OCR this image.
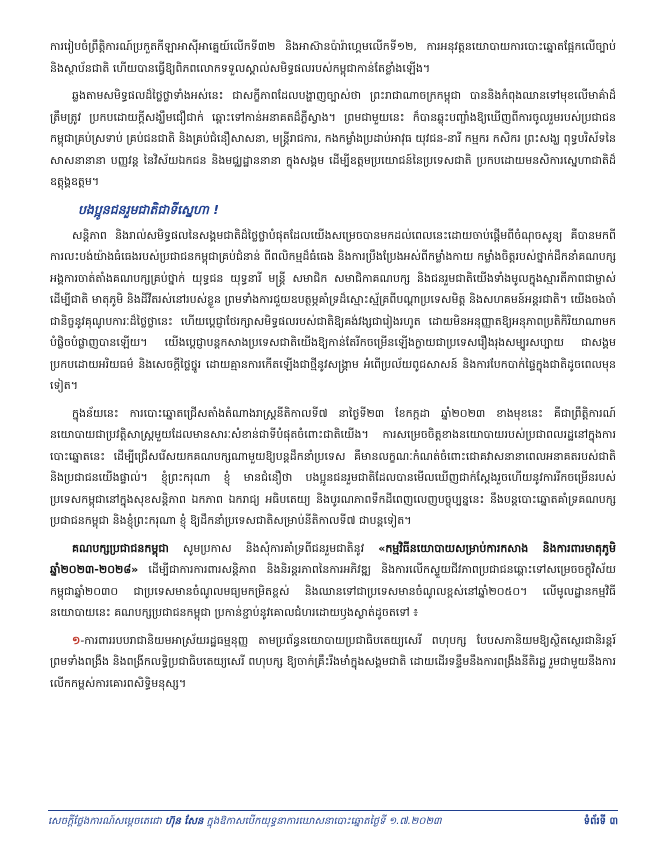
ការរៀបចំព្រឹត្តិការណ៍ប្រកួតកីឡាអាស៊ីអាគ្នេយ៍លើកទី៣២ និងអាស៊ានប៉ារ៉ាហ្គេមលើកទី១២, ការអនុវត្តនយោបាយការបោះឆ្នោតផ្អែកលើច្បាប់ និងស្ថាប័នជាតិ ហើយបានធ្វើឱ្យពិភពលោកទទួលស្គាល់សមិទ្ធផលរបស់កម្ពុជាកាន់តែខ្លាំងឡើង។

ឆ្លងតាមសមិទ្ធផលដ៏ថ្លៃថ្លាទាំងអស់នេះ ជាសក្ខីភាពដែលបង្ហាញច្បាស់ថា ព្រះរាជាណាចក្រកម្ពុជា បាននិងកំពុងឈានទៅមុខលើមាគ៌ាដ៏ត្រឹមត្រូវ ប្រកបដោយក្តីសង្ឃឹមជឿជាក់ ឆ្ពោះទៅកាន់អនាគតដ៏ភ្លឺស្វាង។ ព្រមជាមួយនេះ ក៏បានឆ្លុះបញ្ចាំងឱ្យឃើញពីការចូលរួមរបស់ប្រជាជនកម្ពុជាគ្រប់ស្រទាប់ គ្រប់ជនជាតិ និងគ្រប់ជំនឿសាសនា, មន្ត្រីរាជការ, កងកម្លាំងប្រដាប់អាវុធ យុវជន-នារី កម្មករ កសិករ ព្រះសង្ឃ ពុទ្ធបរិស័ទនៃសាសនានានា បញ្ញវន្ត នៃវិស័យឯកជន និងមជ្ឈដ្ឋាននានា ក្នុងសង្គម ដើម្បីឧត្តមប្រយោជន៍នៃប្រទេសជាតិ ប្រកបដោយមនសិការស្នេហាជាតិដ៏ឧត្តុង្គឧត្តម។

បងប្អូនជនរួមជាតិជាទីស្នេហា !

សន្តិភាព និងរាល់សមិទ្ធផលនៃសង្គមជាតិដ៏ថ្លៃថ្លាបំផុតដែលយើងសម្រេចបានមកដល់ពេលនេះដោយចាប់ផ្តើមពីចំណុចសូន្យ គឺបានមកពីការលះបង់យ៉ាងធំធេងរបស់ប្រជាជនកម្ពុជាគ្រប់ជំនាន់ ពីពលិកម្មដ៏ធំធេង និងការប្រឹងប្រែងអស់ពីកម្លាំងកាយ កម្លាំងចិត្តរបស់ថ្នាក់ដឹកនាំគណបក្ស អង្គការចាត់តាំងគណបក្សគ្រប់ថ្នាក់ យុទ្ធជន យុទ្ធនារី មន្ត្រី សមាជិក សមាជិកាគណបក្ស និងជនរួមជាតិយើងទាំងមូលក្នុងស្មារតីភាពជាម្ចាស់ដើម្បីជាតិ មាតុភូមិ និងដីវីតរស់នៅរបស់ខ្លួន ព្រមទាំងការជួយឧបត្ថម្ភគាំទ្រដ៏ស្មោះស្ម័គ្រពីបណ្តាប្រទេសមិត្ត និងសហគមន៍អន្តរជាតិ។ យើងចងចាំជានិច្ចនូវគុណូបការៈដ៏ថ្លៃថ្លានេះ ហើយប្តេជ្ញាថែរក្សាសមិទ្ធផលរបស់ជាតិឱ្យគង់វង្សជារៀងរហូត ដោយមិនអនុញ្ញាតឱ្យអនុភាពប្រតិកិរិយាណាមកបំផ្លិចបំផ្លាញបានឡើយ។ យើងប្តេជ្ញាបន្តកសាងប្រទេសជាតិយើងឱ្យកាន់តែរីកចម្រើនឡើងក្លាយជាប្រទេសរឿងរុងសម្បូរសប្បាយ ជាសង្គមប្រកបដោយអរិយធម៌ និងសេចក្តីថ្លៃថ្នូរ ដោយគ្មានការកើតឡើងជាថ្មីនូវសង្គ្រាម អំពើប្រល័យពូជសាសន៍ និងការបែកបាក់ផ្ទៃក្នុងជាតិដូចពេលមុនទៀត។

ក្នុងន័យនេះ ការបោះឆ្នោតជ្រើសតាំងតំណាងរាស្ត្រនីតិកាលទី៧ នាថ្ងៃទី២៣ ខែកក្កដា ឆ្នាំ២០២៣ ខាងមុខនេះ គឺជាព្រឹត្តិការណ៍នយោបាយជាប្រវត្តិសាស្ត្រមួយដែលមានសារៈសំខាន់ជាទីបំផុតចំពោះជាតិយើង។ ការសម្រេចចិត្តខាងនយោបាយរបស់ប្រជាពលរដ្ឋនៅក្នុងការបោះឆ្នោតនេះ ដើម្បីជ្រើសរើសយកគណបក្សណាមួយឱ្យបន្តដឹកនាំប្រទេស គឺមានលក្ខណៈកំណត់ចំពោះជោគវាសនានាពេលអនាគតរបស់ជាតិ និងប្រជាជនយើងផ្ទាល់។ ខ្ញុំព្រះករុណា ខ្ញុំ មានជំនឿថា បងប្អូនជនរួមជាតិដែលបានមើលឃើញជាក់ស្តែងរួចហើយនូវការរីកចម្រើនរបស់ប្រទេសកម្ពុជានៅក្នុងសុខសន្តិភាព ឯកភាព ឯករាជ្យ អធិបតេយ្យ និងបូរណភាពទឹកដីពេញលេញបច្ចុប្បន្ននេះ នឹងបន្តបោះឆ្នោតគាំទ្រគណបក្សប្រជាជនកម្ពុជា និងខ្ញុំព្រះករុណា ខ្ញុំ ឱ្យដឹកនាំប្រទេសជាតិសម្រាប់នីតិកាលទី៧ ជាបន្តទៀត។

គណបក្សប្រជាជនកម្ពុជា សូមប្រកាស និងសុំការគាំទ្រពីជនរួមជាតិនូវ «កម្មវិធីនយោបាយសម្រាប់ការកសាង និងការពារមាតុភូមិឆ្នាំ២០២៣-២០២៨» ដើម្បីជាការការពារសន្តិភាព និងនិរន្តរភាពនៃការអភិវឌ្ឍ និងការលើកស្ទួយជីវភាពប្រជាជនឆ្ពោះទៅសម្រេចចក្ខុវិស័យកម្ពុជាឆ្នាំ២០៣០ ជាប្រទេសមានចំណូលមធ្យមកម្រិតខ្ពស់ និងឈានទៅជាប្រទេសមានចំណូលខ្ពស់នៅឆ្នាំ២០៥០។ លើមូលដ្ឋានកម្មវិធីនយោបាយនេះ គណបក្សប្រជាជនកម្ពុជា ប្រកាន់ខ្ជាប់នូវគោលជំហរដោយឫងស្ងាត់ដូចតទៅ ៖

១-ការពាររបបរាជានិយមអាស្រ័យរដ្ឋធម្មនុញ្ញ តាមប្រព័ន្ធនយោបាយប្រជាធិបតេយ្យសេរី ពហុបក្ស បែបសភានិយមឱ្យស្ថិតស្ថេរជានិរន្តរ៍ ព្រមទាំងពង្រឹង និងពង្រីកលទ្ធិប្រជាធិបតេយ្យសេរី ពហុបក្ស ឱ្យចាក់គ្រឹះរឹងមាំក្នុងសង្គមជាតិ ដោយដើរទន្ទឹមនឹងការពង្រឹងនីតិរដ្ឋ រួមជាមួយនឹងការលើកកម្ពស់ការគោរពសិទ្ធិមនុស្ស។

សេចក្តីថ្លែងការណ៍សម្តេចតេជោ ហ៊ុន សែន ក្នុងឱកាសបើកយុទ្ធនាការឃោសនាបោះឆ្នោតថ្ងៃទី ១.៧.២០២៣	ទំព័រទី ៣
